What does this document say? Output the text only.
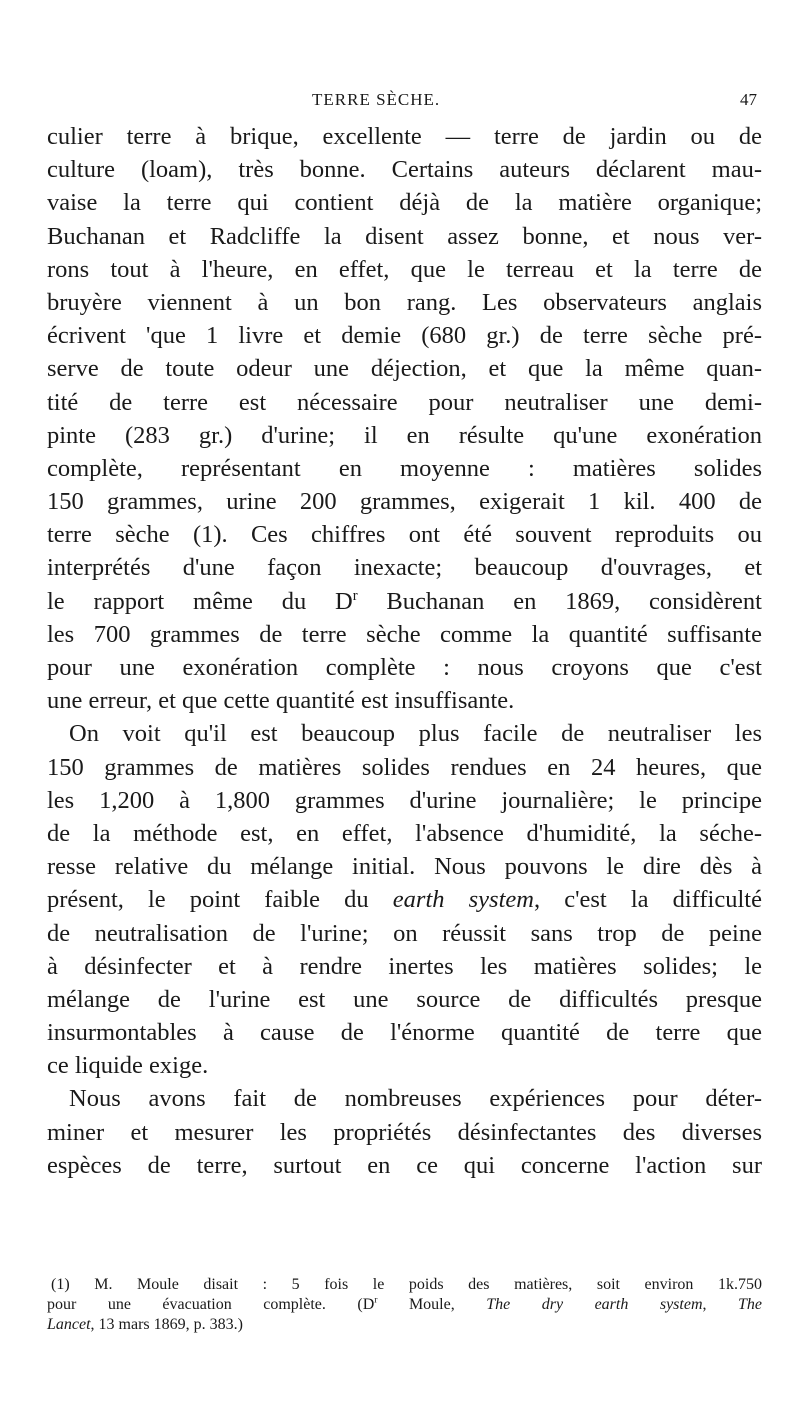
TERRE SÈCHE.	47
culier terre à brique, excellente — terre de jardin ou de
culture (loam), très bonne. Certains auteurs déclarent mau-
vaise la terre qui contient déjà de la matière organique;
Buchanan et Radcliffe la disent assez bonne, et nous ver-
rons tout à l'heure, en effet, que le terreau et la terre de
bruyère viennent à un bon rang. Les observateurs anglais
écrivent 'que 1 livre et demie (680 gr.) de terre sèche pré-
serve de toute odeur une déjection, et que la même quan-
tité de terre est nécessaire pour neutraliser une demi-
pinte (283 gr.) d'urine; il en résulte qu'une exonération
complète, représentant en moyenne : matières solides
150 grammes, urine 200 grammes, exigerait 1 kil. 400 de
terre sèche (1). Ces chiffres ont été souvent reproduits ou
interprétés d'une façon inexacte; beaucoup d'ouvrages, et
le rapport même du $D^r$ Buchanan en 1869, considèrent
les 700 grammes de terre sèche comme la quantité suffisante
pour une exonération complète : nous croyons que c'est
une erreur, et que cette quantité est insuffisante.
On voit qu'il est beaucoup plus facile de neutraliser les
150 grammes de matières solides rendues en 24 heures, que
les 1,200 à 1,800 grammes d'urine journalière; le principe
de la méthode est, en effet, l'absence d'humidité, la séche-
resse relative du mélange initial. Nous pouvons le dire dès à
présent, le point faible du earth system, c'est la difficulté
de neutralisation de l'urine; on réussit sans trop de peine
à désinfecter et à rendre inertes les matières solides; le
mélange de l'urine est une source de difficultés presque
insurmontables à cause de l'énorme quantité de terre que
ce liquide exige.
Nous avons fait de nombreuses expériences pour déter-
miner et mesurer les propriétés désinfectantes des diverses
espèces de terre, surtout en ce qui concerne l'action sur
(1) M. Moule disait : 5 fois le poids des matières, soit environ 1k.750
pour une évacuation complète. ($D^r$ Moule, The dry earth system, The
Lancet, 13 mars 1869, p. 383.)
